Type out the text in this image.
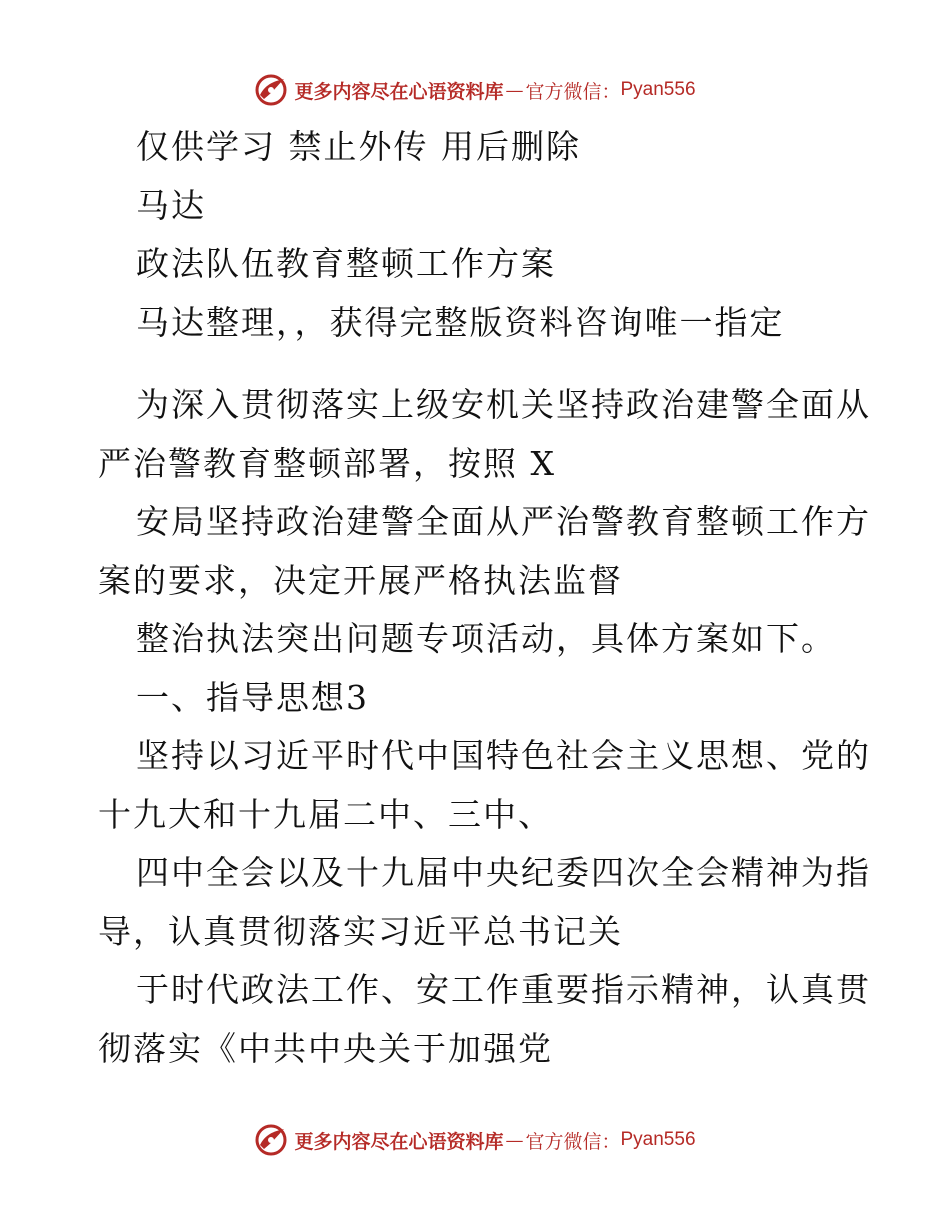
更多内容尽在心语资料库 — 官方微信： Pyan556

仅供学习 禁止外传 用后删除

马达

政法队伍教育整顿工作方案

马达整理，，获得完整版资料咨询唯一指定

为深入贯彻落实上级安机关坚持政治建警全面从

严治警教育整顿部署，按照 X

安局坚持政治建警全面从严治警教育整顿工作方

案的要求，决定开展严格执法监督

整治执法突出问题专项活动，具体方案如下。

一、指导思想3

坚持以习近平时代中国特色社会主义思想、党的

十九大和十九届二中、三中、

四中全会以及十九届中央纪委四次全会精神为指

导，认真贯彻落实习近平总书记关

于时代政法工作、安工作重要指示精神，认真贯

彻落实《中共中央关于加强党

更多内容尽在心语资料库 — 官方微信： Pyan556
